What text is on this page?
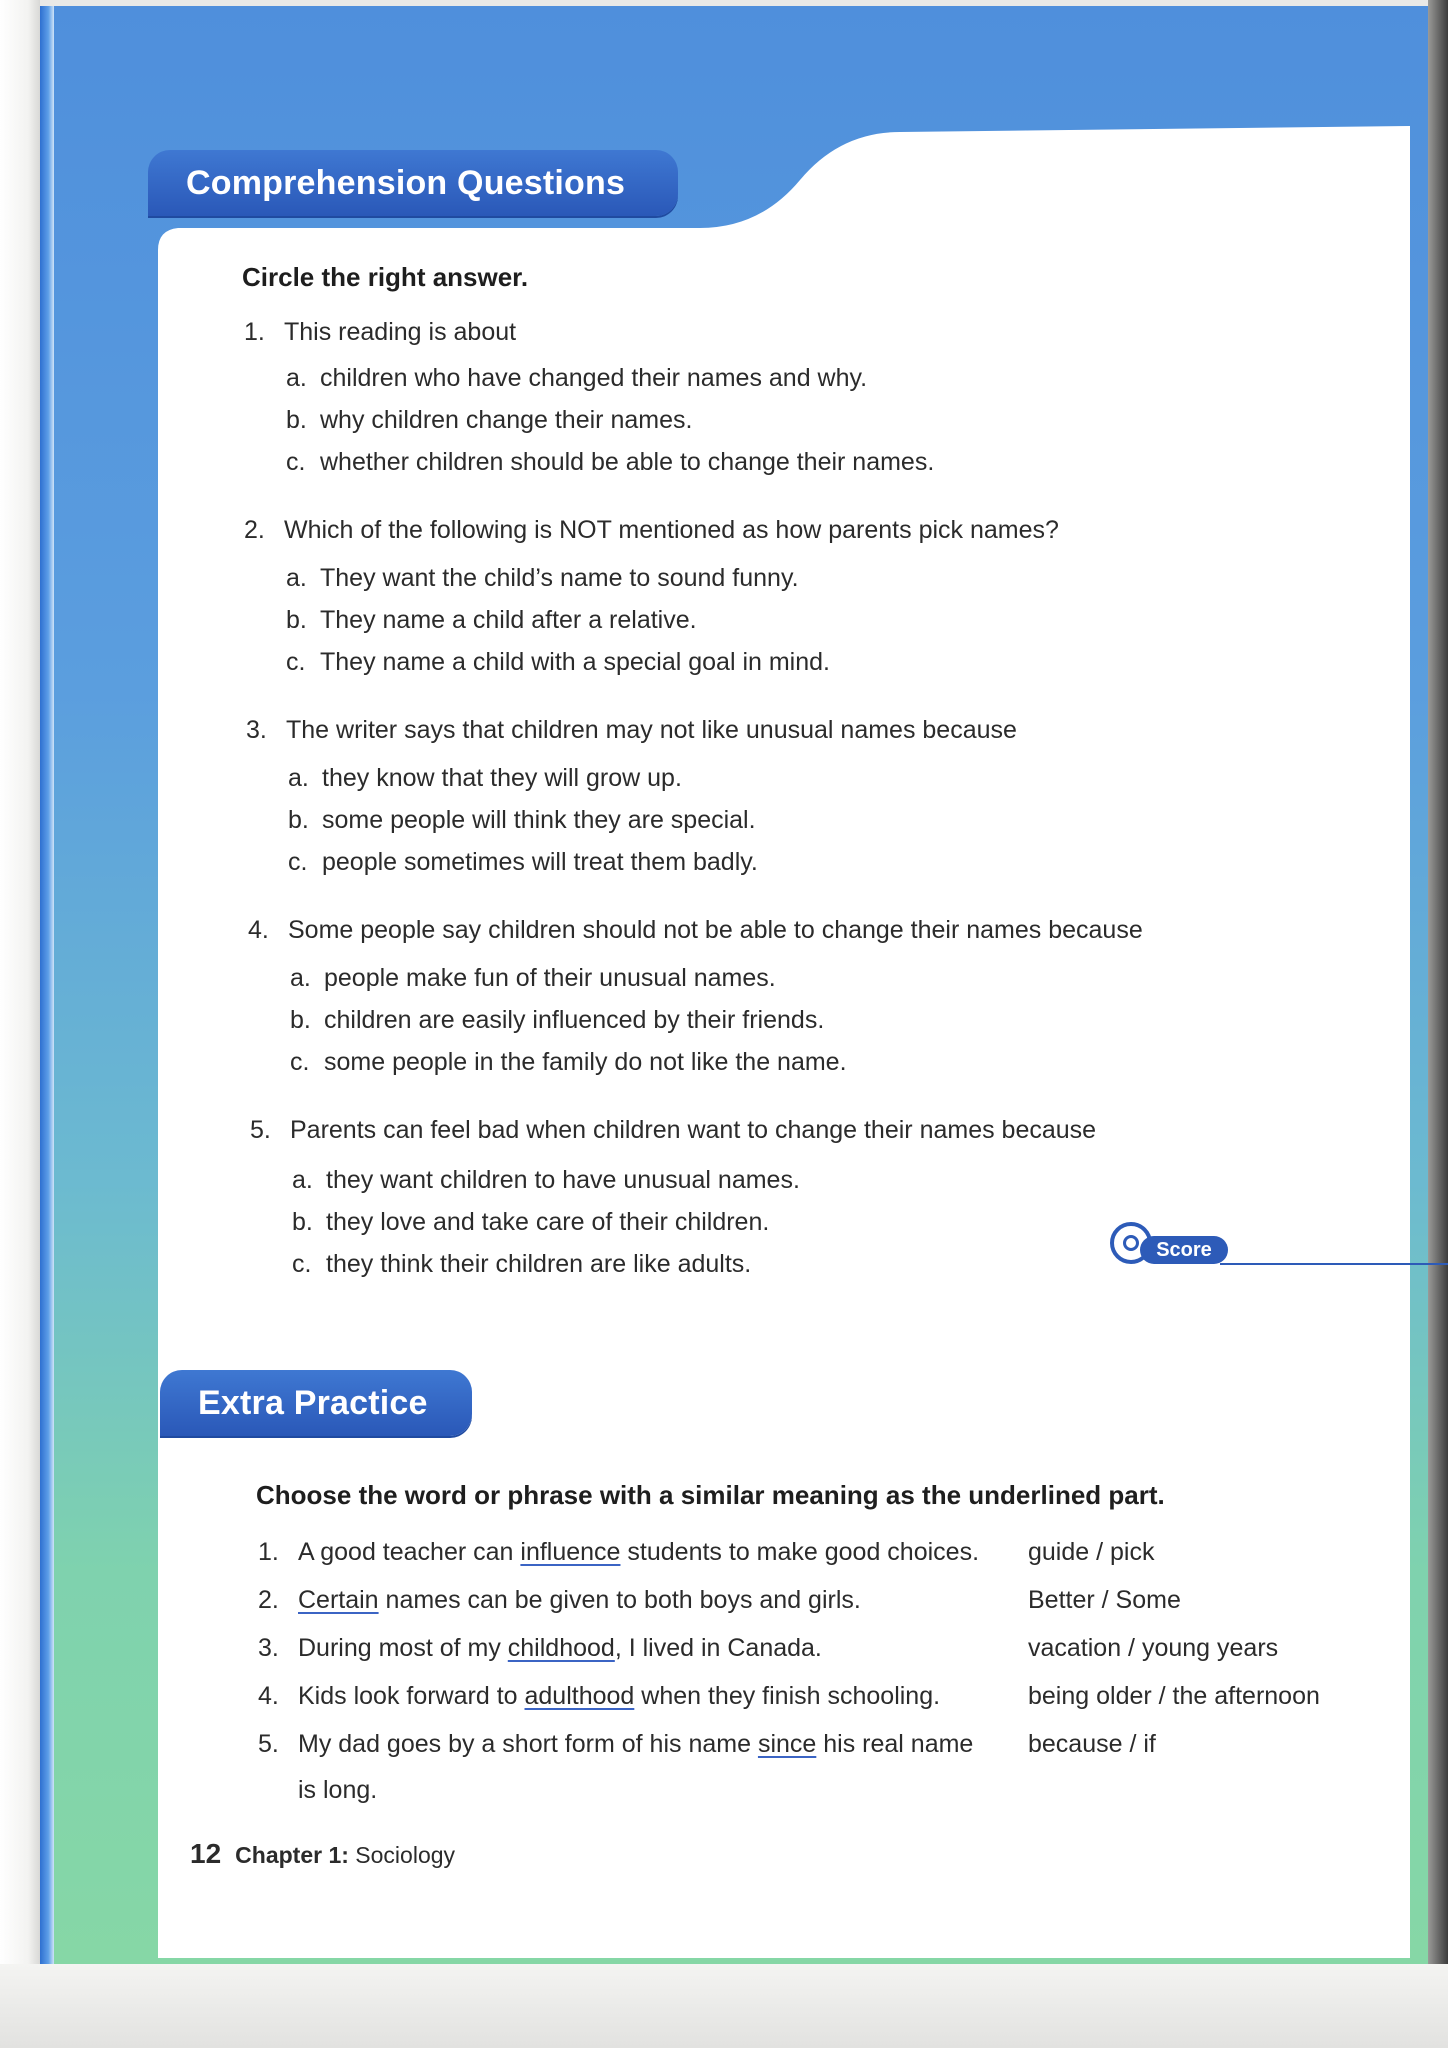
Comprehension Questions
Circle the right answer.
1. This reading is about
a. children who have changed their names and why.
b. why children change their names.
c. whether children should be able to change their names.
2. Which of the following is NOT mentioned as how parents pick names?
a. They want the child’s name to sound funny.
b. They name a child after a relative.
c. They name a child with a special goal in mind.
3. The writer says that children may not like unusual names because
a. they know that they will grow up.
b. some people will think they are special.
c. people sometimes will treat them badly.
4. Some people say children should not be able to change their names because
a. people make fun of their unusual names.
b. children are easily influenced by their friends.
c. some people in the family do not like the name.
5. Parents can feel bad when children want to change their names because
a. they want children to have unusual names.
b. they love and take care of their children.
c. they think their children are like adults.	Score
Extra Practice
Choose the word or phrase with a similar meaning as the underlined part.
1. A good teacher can influence students to make good choices. guide / pick
2. Certain names can be given to both boys and girls.	Better / Some
3. During most of my childhood, I lived in Canada.	vacation / young years
4. Kids look forward to adulthood when they finish schooling.	being older / the afternoon
5. My dad goes by a short form of his name since his real name
is long.
because / if
12 Chapter 1: Sociology
